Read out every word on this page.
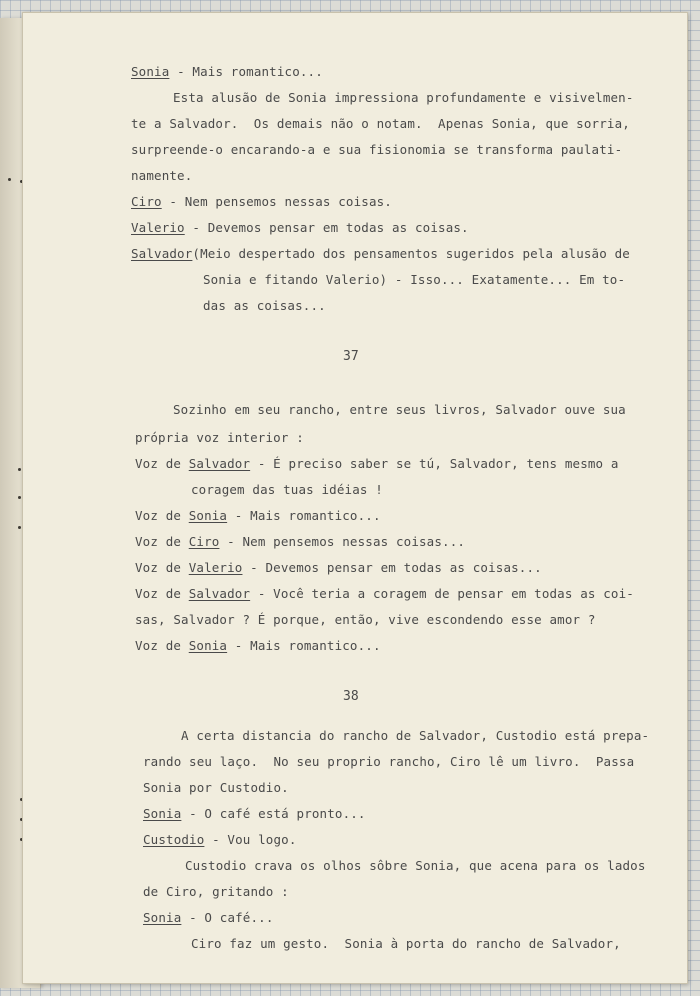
Sonia - Mais romantico...
Esta alusão de Sonia impressiona profundamente e visivelmen-
te a Salvador.  Os demais não o notam.  Apenas Sonia, que sorria,
surpreende-o encarando-a e sua fisionomia se transforma paulati-
namente.
Ciro - Nem pensemos nessas coisas.
Valerio - Devemos pensar em todas as coisas.
Salvador(Meio despertado dos pensamentos sugeridos pela alusão de
Sonia e fitando Valerio) - Isso... Exatamente... Em to-
das as coisas...
37
Sozinho em seu rancho, entre seus livros, Salvador ouve sua
própria voz interior :
Voz de Salvador - É preciso saber se tú, Salvador, tens mesmo a
coragem das tuas idéias !
Voz de Sonia - Mais romantico...
Voz de Ciro - Nem pensemos nessas coisas...
Voz de Valerio - Devemos pensar em todas as coisas...
Voz de Salvador - Você teria a coragem de pensar em todas as coi-
sas, Salvador ? É porque, então, vive escondendo esse amor ?
Voz de Sonia - Mais romantico...
38
A certa distancia do rancho de Salvador, Custodio está prepa-
rando seu laço.  No seu proprio rancho, Ciro lê um livro.  Passa
Sonia por Custodio.
Sonia - O café está pronto...
Custodio - Vou logo.
Custodio crava os olhos sôbre Sonia, que acena para os lados
de Ciro, gritando :
Sonia - O café...
Ciro faz um gesto.  Sonia à porta do rancho de Salvador,
